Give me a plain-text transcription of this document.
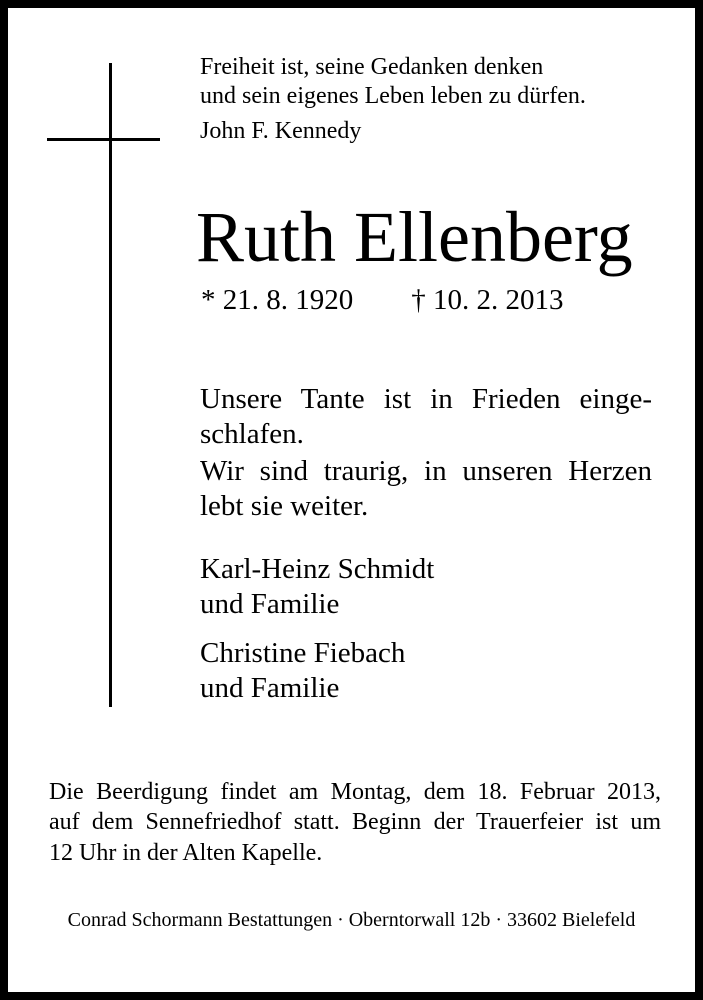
Freiheit ist, seine Gedanken denken
und sein eigenes Leben leben zu dürfen.
John F. Kennedy
Ruth Ellenberg
* 21. 8. 1920 † 10. 2. 2013
Unsere Tante ist in Frieden einge-
schlafen.
Wir sind traurig, in unseren Herzen
lebt sie weiter.
Karl-Heinz Schmidt
und Familie
Christine Fiebach
und Familie
Die Beerdigung findet am Montag, dem 18. Februar 2013,
auf dem Sennefriedhof statt. Beginn der Trauerfeier ist um
12 Uhr in der Alten Kapelle.
Conrad Schormann Bestattungen · Oberntorwall 12b · 33602 Bielefeld
